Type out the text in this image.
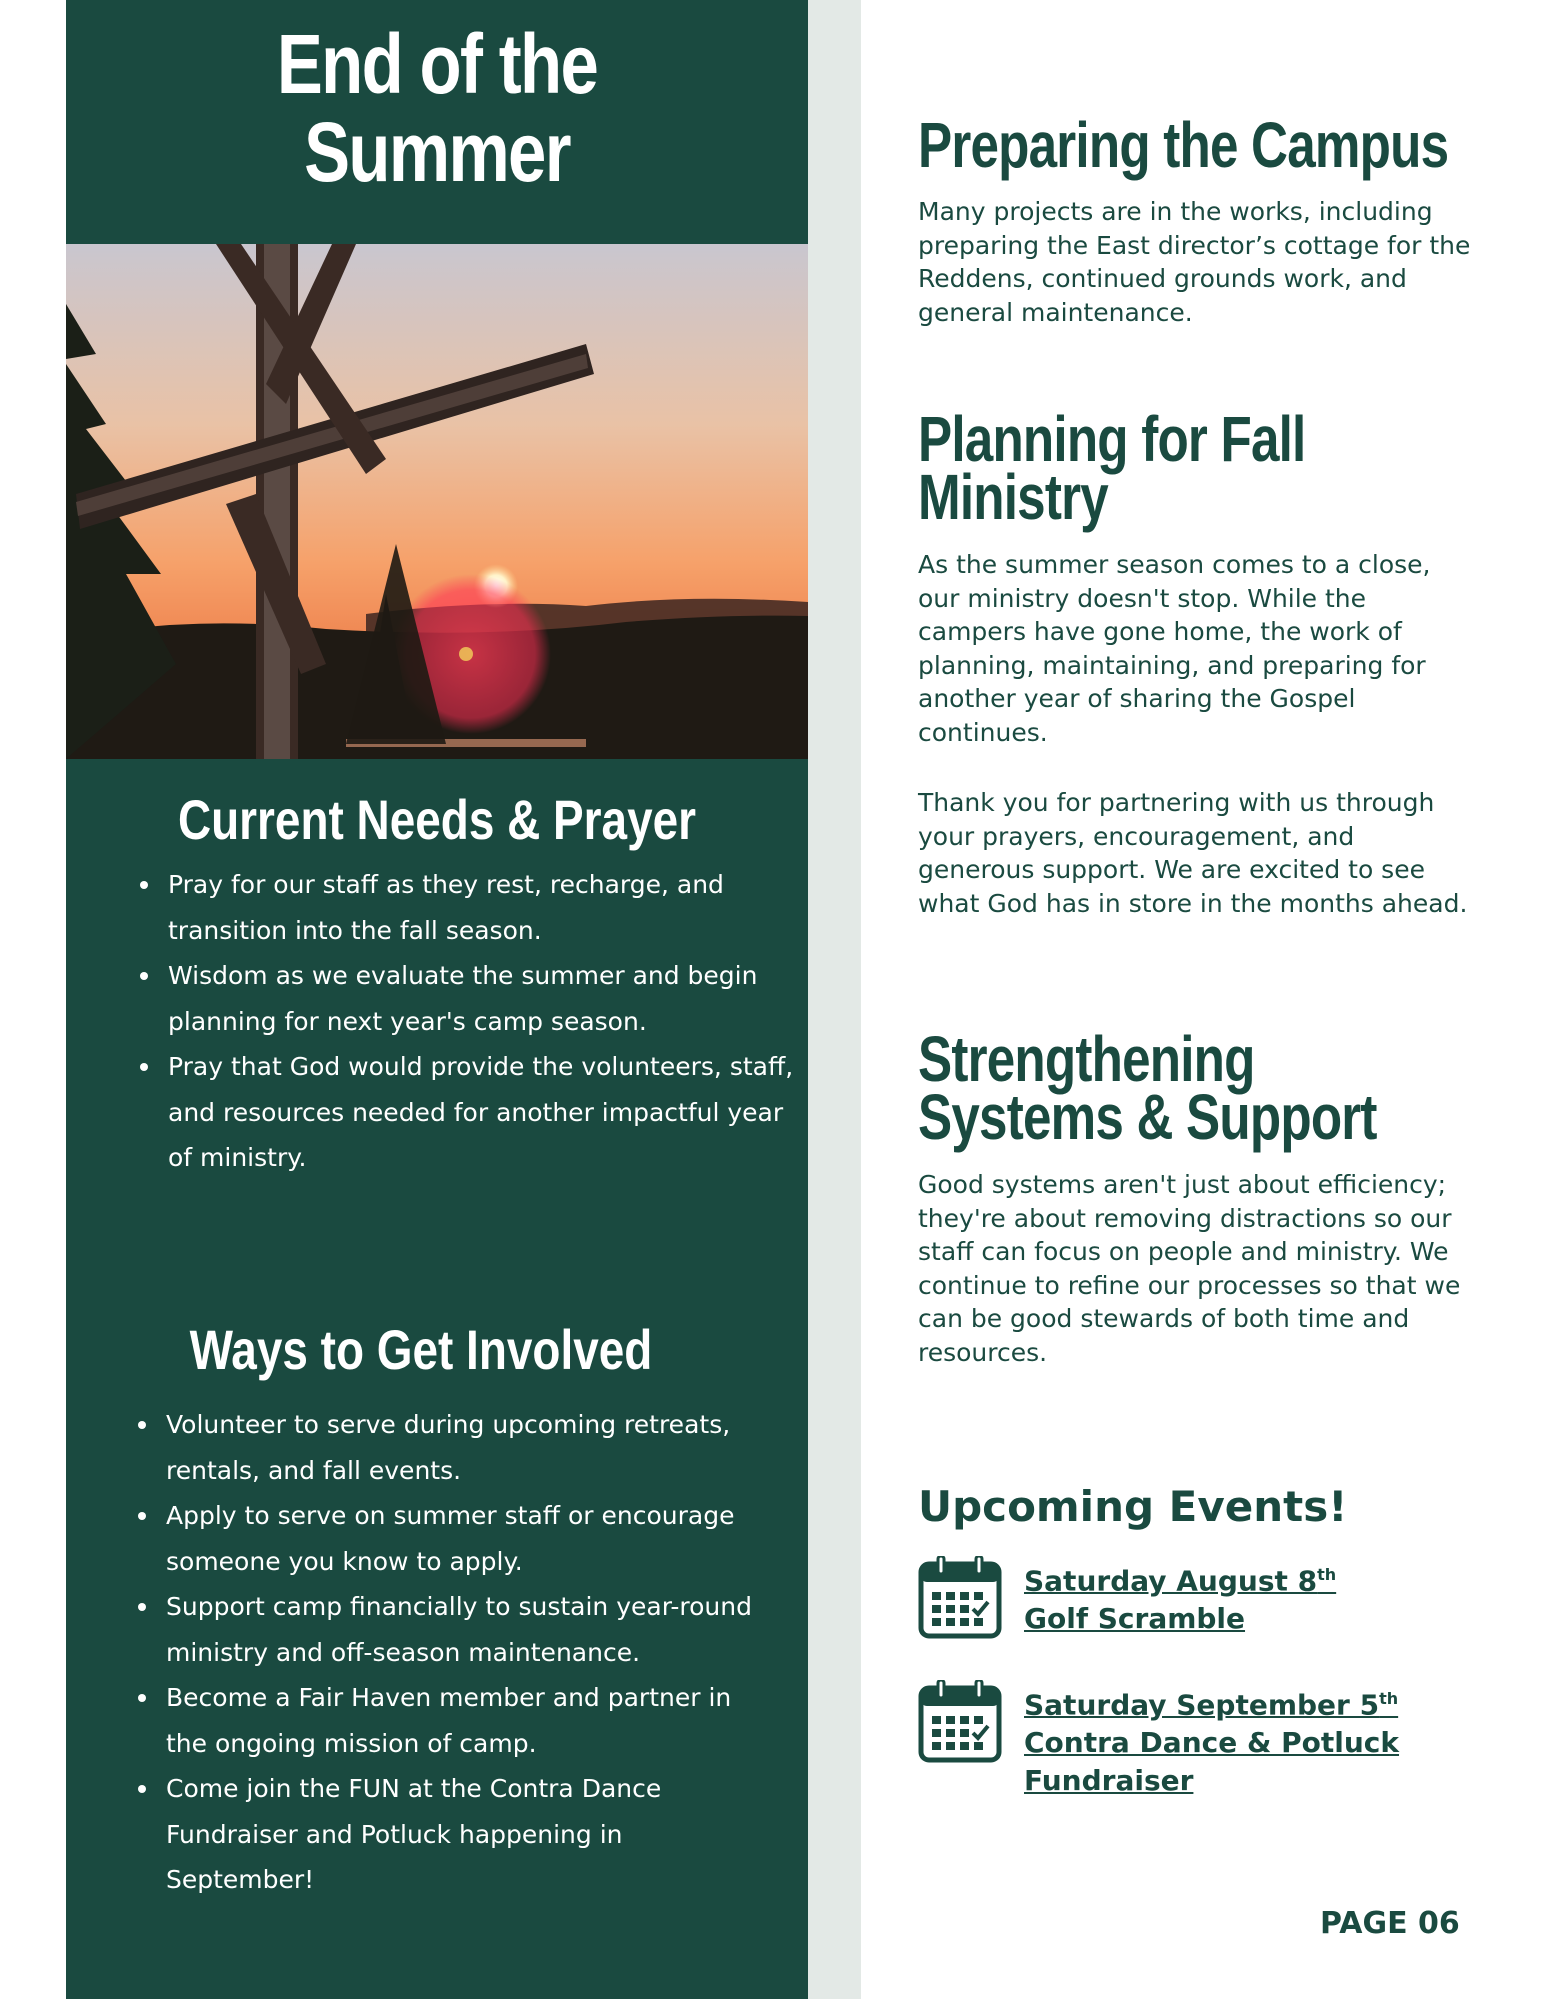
End of the
Summer
Current Needs & Prayer
Pray for our staff as they rest, recharge, and transition into the fall season.
Wisdom as we evaluate the summer and begin planning for next year's camp season.
Pray that God would provide the volunteers, staff, and resources needed for another impactful year of ministry.
Ways to Get Involved
Volunteer to serve during upcoming retreats, rentals, and fall events.
Apply to serve on summer staff or encourage someone you know to apply.
Support camp financially to sustain year-round ministry and off-season maintenance.
Become a Fair Haven member and partner in the ongoing mission of camp.
Come join the FUN at the Contra Dance Fundraiser and Potluck happening in September!
Preparing the Campus

Many projects are in the works, including preparing the East director’s cottage for the Reddens, continued grounds work, and general maintenance.

Planning for Fall
Ministry

As the summer season comes to a close, our ministry doesn't stop. While the campers have gone home, the work of planning, maintaining, and preparing for another year of sharing the Gospel continues.

Thank you for partnering with us through your prayers, encouragement, and generous support. We are excited to see what God has in store in the months ahead.

Strengthening
Systems & Support

Good systems aren't just about efficiency; they're about removing distractions so our staff can focus on people and ministry. We continue to refine our processes so that we can be good stewards of both time and resources.

Upcoming Events!
Saturday August 8th
Golf Scramble
Saturday September 5th
Contra Dance & Potluck
Fundraiser
PAGE 06
